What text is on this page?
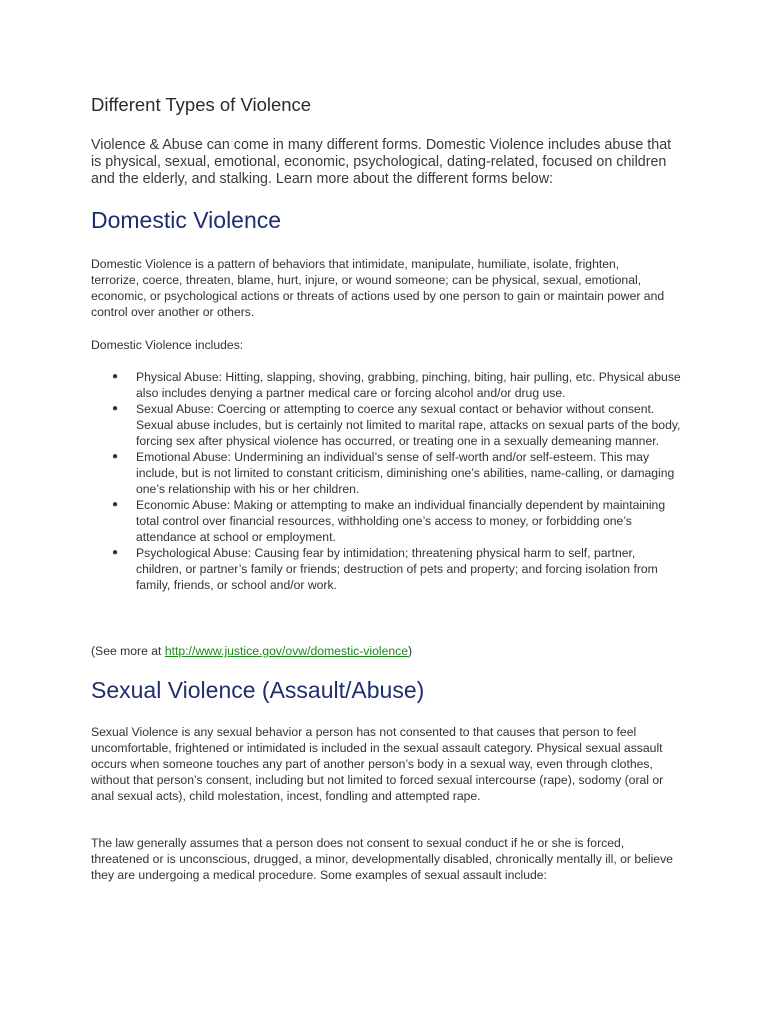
Different Types of Violence

Violence & Abuse can come in many different forms. Domestic Violence includes abuse that is physical, sexual, emotional, economic, psychological, dating-related, focused on children and the elderly, and stalking. Learn more about the different forms below:

Domestic Violence

Domestic Violence is a pattern of behaviors that intimidate, manipulate, humiliate, isolate, frighten, terrorize, coerce, threaten, blame, hurt, injure, or wound someone; can be physical, sexual, emotional, economic, or psychological actions or threats of actions used by one person to gain or maintain power and control over another or others.

Domestic Violence includes:

● Physical Abuse: Hitting, slapping, shoving, grabbing, pinching, biting, hair pulling, etc. Physical abuse also includes denying a partner medical care or forcing alcohol and/or drug use.
● Sexual Abuse: Coercing or attempting to coerce any sexual contact or behavior without consent. Sexual abuse includes, but is certainly not limited to marital rape, attacks on sexual parts of the body, forcing sex after physical violence has occurred, or treating one in a sexually demeaning manner.
● Emotional Abuse: Undermining an individual’s sense of self-worth and/or self-esteem. This may include, but is not limited to constant criticism, diminishing one’s abilities, name-calling, or damaging one’s relationship with his or her children.
● Economic Abuse: Making or attempting to make an individual financially dependent by maintaining total control over financial resources, withholding one’s access to money, or forbidding one’s attendance at school or employment.
● Psychological Abuse: Causing fear by intimidation; threatening physical harm to self, partner, children, or partner’s family or friends; destruction of pets and property; and forcing isolation from family, friends, or school and/or work.

(See more at http://www.justice.gov/ovw/domestic-violence)

Sexual Violence (Assault/Abuse)

Sexual Violence is any sexual behavior a person has not consented to that causes that person to feel uncomfortable, frightened or intimidated is included in the sexual assault category. Physical sexual assault occurs when someone touches any part of another person’s body in a sexual way, even through clothes, without that person’s consent, including but not limited to forced sexual intercourse (rape), sodomy (oral or anal sexual acts), child molestation, incest, fondling and attempted rape.

The law generally assumes that a person does not consent to sexual conduct if he or she is forced, threatened or is unconscious, drugged, a minor, developmentally disabled, chronically mentally ill, or believe they are undergoing a medical procedure. Some examples of sexual assault include:
